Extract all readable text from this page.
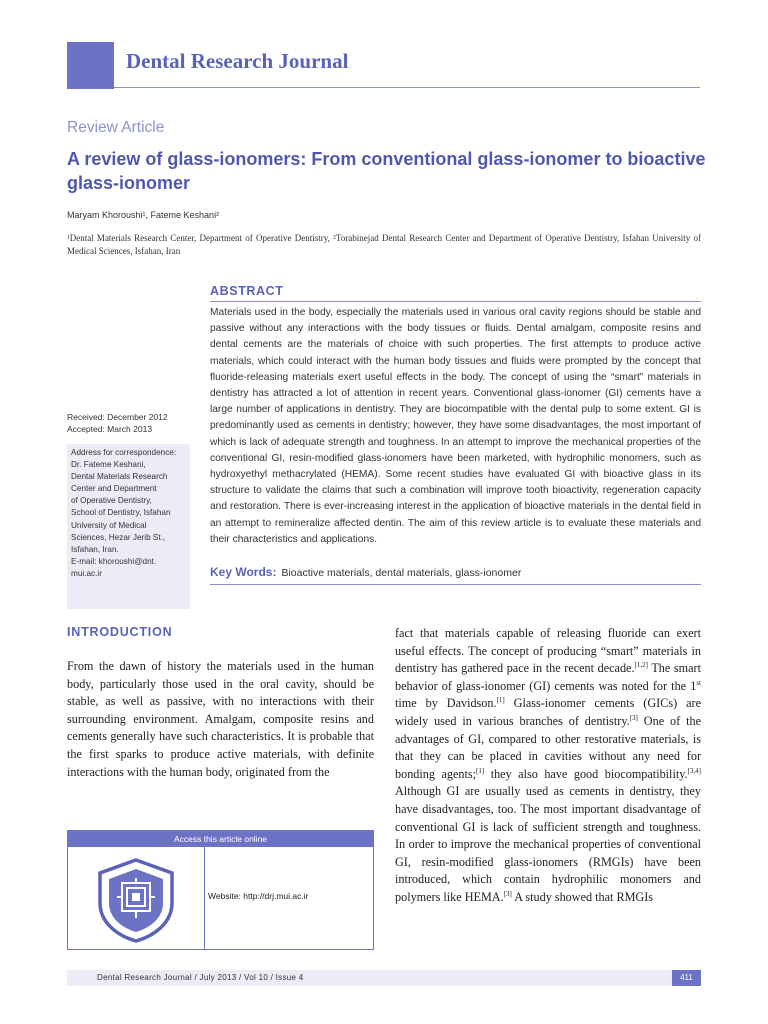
Dental Research Journal
Review Article
A review of glass-ionomers: From conventional glass-ionomer to bioactive glass-ionomer
Maryam Khoroushi¹, Fateme Keshani²
¹Dental Materials Research Center, Department of Operative Dentistry, ²Torabinejad Dental Research Center and Department of Operative Dentistry, Isfahan University of Medical Sciences, Isfahan, Iran
ABSTRACT
Materials used in the body, especially the materials used in various oral cavity regions should be stable and passive without any interactions with the body tissues or fluids. Dental amalgam, composite resins and dental cements are the materials of choice with such properties. The first attempts to produce active materials, which could interact with the human body tissues and fluids were prompted by the concept that fluoride-releasing materials exert useful effects in the body. The concept of using the “smart” materials in dentistry has attracted a lot of attention in recent years. Conventional glass-ionomer (GI) cements have a large number of applications in dentistry. They are biocompatible with the dental pulp to some extent. GI is predominantly used as cements in dentistry; however, they have some disadvantages, the most important of which is lack of adequate strength and toughness. In an attempt to improve the mechanical properties of the conventional GI, resin-modified glass-ionomers have been marketed, with hydrophilic monomers, such as hydroxyethyl methacrylated (HEMA). Some recent studies have evaluated GI with bioactive glass in its structure to validate the claims that such a combination will improve tooth bioactivity, regeneration capacity and restoration. There is ever-increasing interest in the application of bioactive materials in the dental field in an attempt to remineralize affected dentin. The aim of this review article is to evaluate these materials and their characteristics and applications.
Key Words: Bioactive materials, dental materials, glass-ionomer
Received: December 2012
Accepted: March 2013
Address for correspondence:
Dr. Fateme Keshani,
Dental Materials Research
Center and Department
of Operative Dentistry,
School of Dentistry, Isfahan
University of Medical
Sciences, Hezar Jerib St.,
Isfahan, Iran.
E-mail: khoroushi@dnt.
mui.ac.ir
INTRODUCTION
From the dawn of history the materials used in the human body, particularly those used in the oral cavity, should be stable, as well as passive, with no interactions with their surrounding environment. Amalgam, composite resins and cements generally have such characteristics. It is probable that the first sparks to produce active materials, with definite interactions with the human body, originated from the
fact that materials capable of releasing fluoride can exert useful effects. The concept of producing “smart” materials in dentistry has gathered pace in the recent decade.[1,2] The smart behavior of glass-ionomer (GI) cements was noted for the 1st time by Davidson.[1] Glass-ionomer cements (GICs) are widely used in various branches of dentistry.[3] One of the advantages of GI, compared to other restorative materials, is that they can be placed in cavities without any need for bonding agents;[1] they also have good biocompatibility.[3,4] Although GI are usually used as cements in dentistry, they have disadvantages, too. The most important disadvantage of conventional GI is lack of sufficient strength and toughness. In order to improve the mechanical properties of conventional GI, resin-modified glass-ionomers (RMGIs) have been introduced, which contain hydrophilic monomers and polymers like HEMA.[3] A study showed that RMGIs
Access this article online
Website: http://drj.mui.ac.ir
Dental Research Journal / July 2013 / Vol 10 / Issue 4	411
